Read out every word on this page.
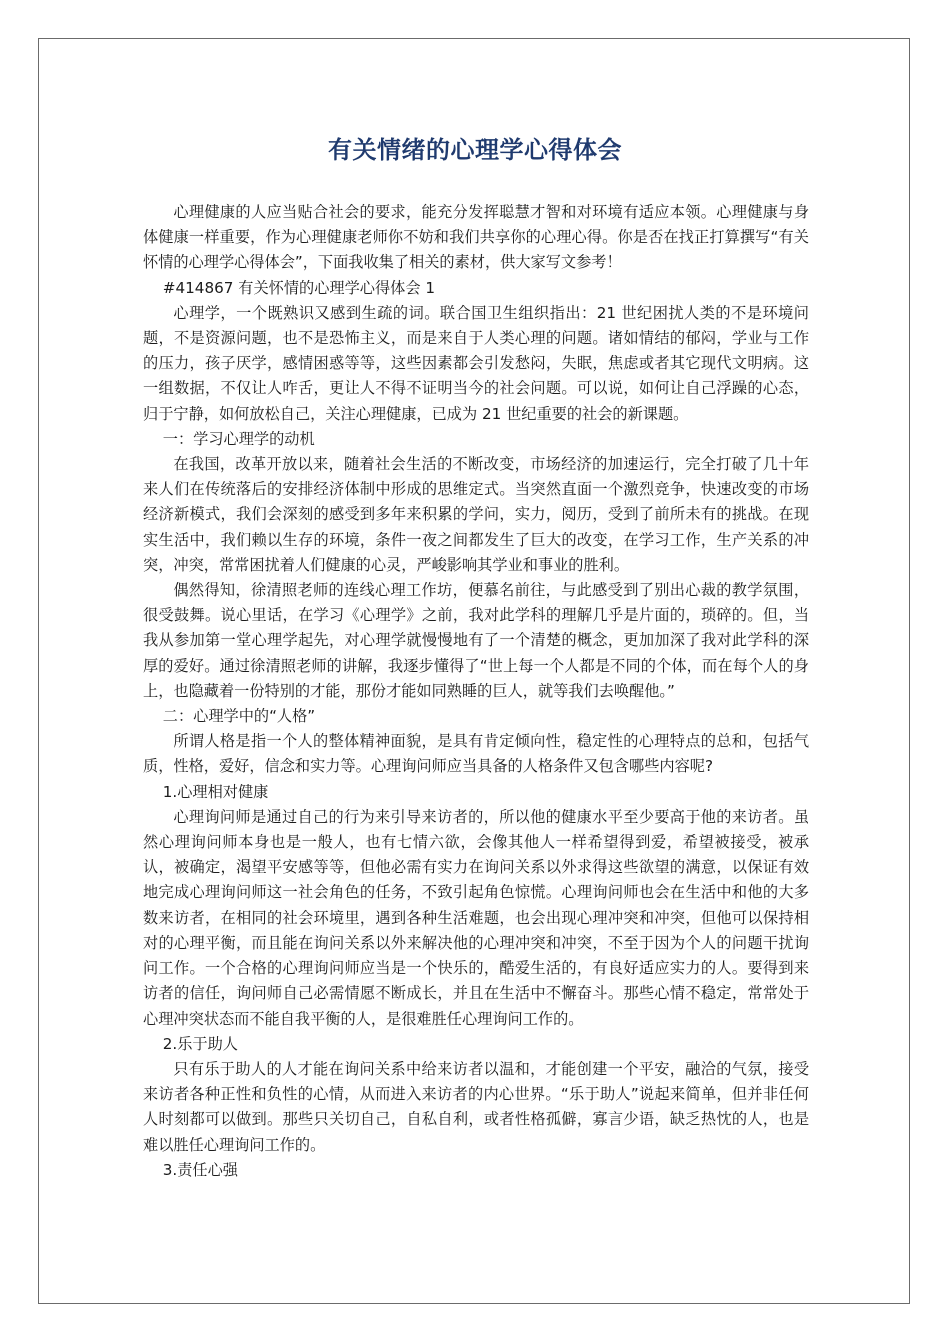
有关情绪的心理学心得体会

心理健康的人应当贴合社会的要求，能充分发挥聪慧才智和对环境有适应本领。心理健康与身体健康一样重要，作为心理健康老师你不妨和我们共享你的心理心得。你是否在找正打算撰写“有关怀情的心理学心得体会”，下面我收集了相关的素材，供大家写文参考！

#414867 有关怀情的心理学心得体会 1

心理学，一个既熟识又感到生疏的词。联合国卫生组织指出：21 世纪困扰人类的不是环境问题，不是资源问题，也不是恐怖主义，而是来自于人类心理的问题。诸如情结的郁闷，学业与工作的压力，孩子厌学，感情困惑等等，这些因素都会引发愁闷，失眠，焦虑或者其它现代文明病。这一组数据，不仅让人咋舌，更让人不得不证明当今的社会问题。可以说，如何让自己浮躁的心态，归于宁静，如何放松自己，关注心理健康，已成为 21 世纪重要的社会的新课题。

一：学习心理学的动机

在我国，改革开放以来，随着社会生活的不断改变，市场经济的加速运行，完全打破了几十年来人们在传统落后的安排经济体制中形成的思维定式。当突然直面一个激烈竞争，快速改变的市场经济新模式，我们会深刻的感受到多年来积累的学问，实力，阅历，受到了前所未有的挑战。在现实生活中，我们赖以生存的环境，条件一夜之间都发生了巨大的改变，在学习工作，生产关系的冲突，冲突，常常困扰着人们健康的心灵，严峻影响其学业和事业的胜利。

偶然得知，徐清照老师的连线心理工作坊，便慕名前往，与此感受到了别出心裁的教学氛围，很受鼓舞。说心里话，在学习《心理学》之前，我对此学科的理解几乎是片面的，琐碎的。但，当我从参加第一堂心理学起先，对心理学就慢慢地有了一个清楚的概念，更加加深了我对此学科的深厚的爱好。通过徐清照老师的讲解，我逐步懂得了“世上每一个人都是不同的个体，而在每个人的身上，也隐藏着一份特别的才能，那份才能如同熟睡的巨人，就等我们去唤醒他。”

二：心理学中的“人格”

所谓人格是指一个人的整体精神面貌，是具有肯定倾向性，稳定性的心理特点的总和，包括气质，性格，爱好，信念和实力等。心理询问师应当具备的人格条件又包含哪些内容呢?

1.心理相对健康

心理询问师是通过自己的行为来引导来访者的，所以他的健康水平至少要高于他的来访者。虽然心理询问师本身也是一般人，也有七情六欲，会像其他人一样希望得到爱，希望被接受，被承认，被确定，渴望平安感等等，但他必需有实力在询问关系以外求得这些欲望的满意，以保证有效地完成心理询问师这一社会角色的任务，不致引起角色惊慌。心理询问师也会在生活中和他的大多数来访者，在相同的社会环境里，遇到各种生活难题，也会出现心理冲突和冲突，但他可以保持相对的心理平衡，而且能在询问关系以外来解决他的心理冲突和冲突，不至于因为个人的问题干扰询问工作。一个合格的心理询问师应当是一个快乐的，酷爱生活的，有良好适应实力的人。要得到来访者的信任，询问师自己必需情愿不断成长，并且在生活中不懈奋斗。那些心情不稳定，常常处于心理冲突状态而不能自我平衡的人，是很难胜任心理询问工作的。

2.乐于助人

只有乐于助人的人才能在询问关系中给来访者以温和，才能创建一个平安，融洽的气氛，接受来访者各种正性和负性的心情，从而进入来访者的内心世界。“乐于助人”说起来简单，但并非任何人时刻都可以做到。那些只关切自己，自私自利，或者性格孤僻，寡言少语，缺乏热忱的人，也是难以胜任心理询问工作的。

3.责任心强
